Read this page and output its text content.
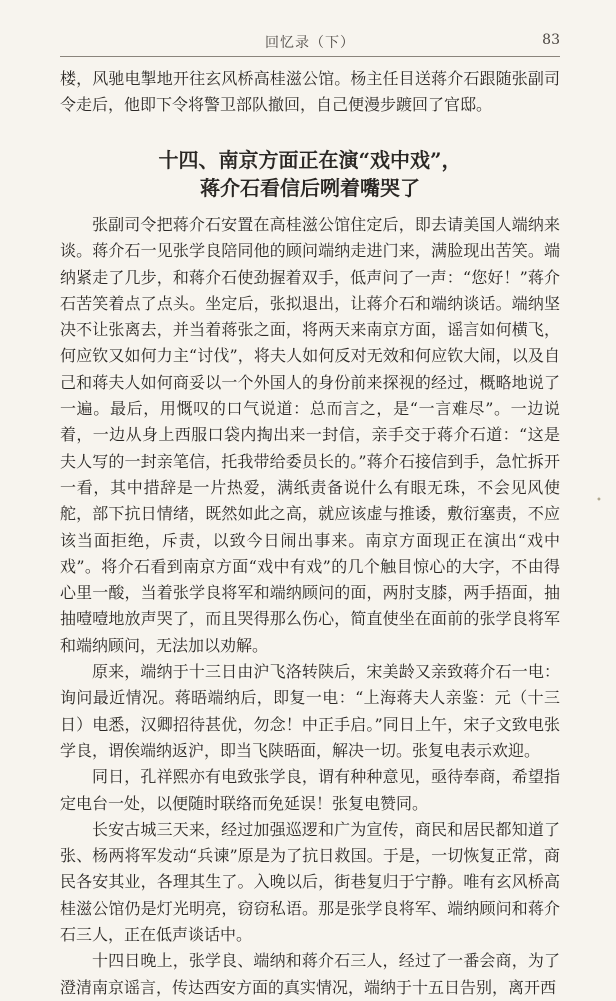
回忆录（下）	83

楼，风驰电掣地开往玄风桥高桂滋公馆。杨主任目送蒋介石跟随张副司令走后，他即下令将警卫部队撤回，自己便漫步踱回了官邸。

十四、南京方面正在演“戏中戏”，
蒋介石看信后咧着嘴哭了

张副司令把蒋介石安置在高桂滋公馆住定后，即去请美国人端纳来谈。蒋介石一见张学良陪同他的顾问端纳走进门来，满脸现出苦笑。端纳紧走了几步，和蒋介石使劲握着双手，低声问了一声：“您好！”蒋介石苦笑着点了点头。坐定后，张拟退出，让蒋介石和端纳谈话。端纳坚决不让张离去，并当着蒋张之面，将两天来南京方面，谣言如何横飞，何应钦又如何力主“讨伐”，将夫人如何反对无效和何应钦大闹，以及自己和蒋夫人如何商妥以一个外国人的身份前来探视的经过，概略地说了一遍。最后，用慨叹的口气说道：总而言之，是“一言难尽”。一边说着，一边从身上西服口袋内掏出来一封信，亲手交于蒋介石道：“这是夫人写的一封亲笔信，托我带给委员长的。”蒋介石接信到手，急忙拆开一看，其中措辞是一片热爱，满纸责备说什么有眼无珠，不会见风使舵，部下抗日情绪，既然如此之高，就应该虚与推诿，敷衍塞责，不应该当面拒绝，斥责，以致今日闹出事来。南京方面现正在演出“戏中戏”。将介石看到南京方面“戏中有戏”的几个触目惊心的大字，不由得心里一酸，当着张学良将军和端纳顾问的面，两肘支膝，两手捂面，抽抽噎噎地放声哭了，而且哭得那么伤心，简直使坐在面前的张学良将军和端纳顾问，无法加以劝解。

原来，端纳于十三日由沪飞洛转陕后，宋美龄又亲致蒋介石一电：询问最近情况。蒋晤端纳后，即复一电：“上海蒋夫人亲鉴：元（十三日）电悉，汉卿招待甚优，勿念！中正手启。”同日上午，宋子文致电张学良，谓俟端纳返沪，即当飞陕晤面，解决一切。张复电表示欢迎。

同日，孔祥熙亦有电致张学良，谓有种种意见，亟待奉商，希望指定电台一处，以便随时联络而免延误！张复电赞同。

长安古城三天来，经过加强巡逻和广为宣传，商民和居民都知道了张、杨两将军发动“兵谏”原是为了抗日救国。于是，一切恢复正常，商民各安其业，各理其生了。入晚以后，街巷复归于宁静。唯有玄风桥高桂滋公馆仍是灯光明亮，窃窃私语。那是张学良将军、端纳顾问和蒋介石三人，正在低声谈话中。

十四日晚上，张学良、端纳和蒋介石三人，经过了一番会商，为了澄清南京谣言，传达西安方面的真实情况，端纳于十五日告别，离开西

•
